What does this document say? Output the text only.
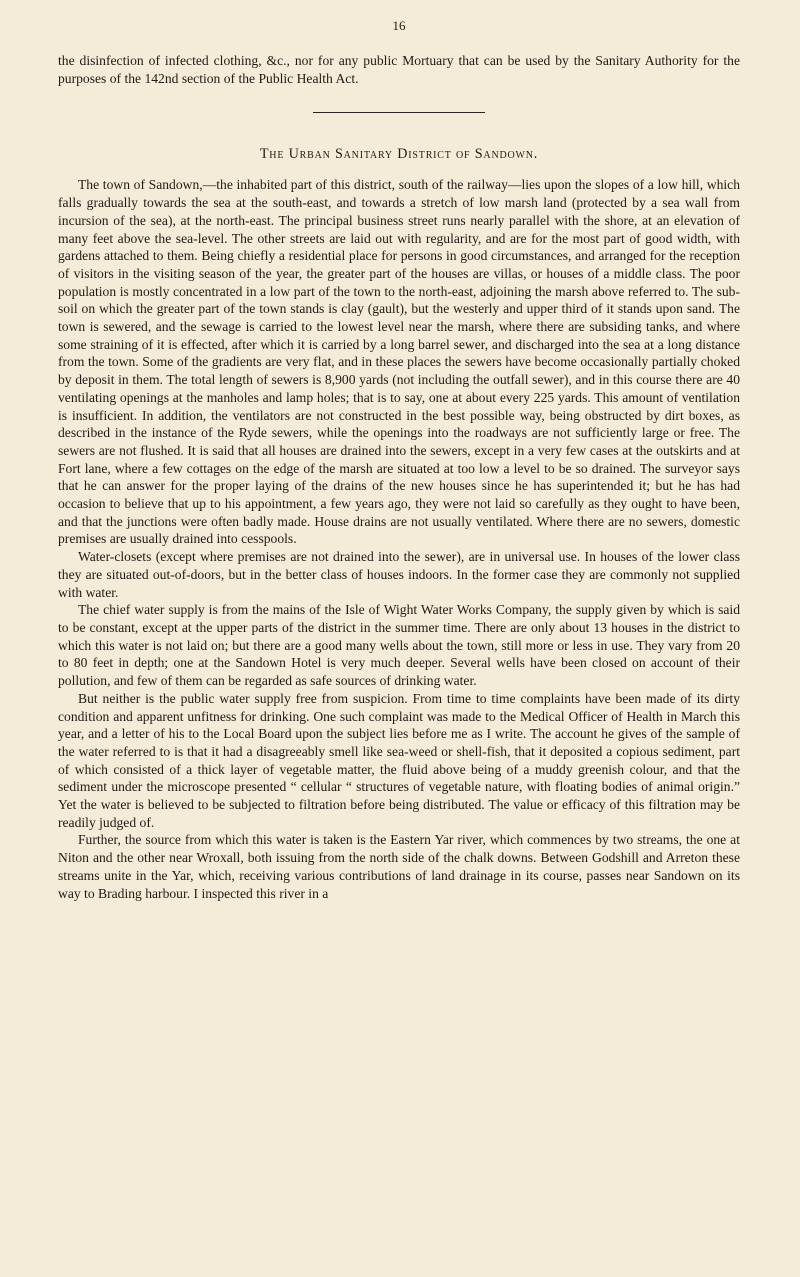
16

the disinfection of infected clothing, &c., nor for any public Mortuary that can be used by the Sanitary Authority for the purposes of the 142nd section of the Public Health Act.

The Urban Sanitary District of Sandown.

The town of Sandown,—the inhabited part of this district, south of the railway—lies upon the slopes of a low hill, which falls gradually towards the sea at the south-east, and towards a stretch of low marsh land (protected by a sea wall from incursion of the sea), at the north-east. The principal business street runs nearly parallel with the shore, at an elevation of many feet above the sea-level. The other streets are laid out with regularity, and are for the most part of good width, with gardens attached to them. Being chiefly a residential place for persons in good circumstances, and arranged for the reception of visitors in the visiting season of the year, the greater part of the houses are villas, or houses of a middle class. The poor population is mostly concentrated in a low part of the town to the north-east, adjoining the marsh above referred to. The sub-soil on which the greater part of the town stands is clay (gault), but the westerly and upper third of it stands upon sand. The town is sewered, and the sewage is carried to the lowest level near the marsh, where there are subsiding tanks, and where some straining of it is effected, after which it is carried by a long barrel sewer, and discharged into the sea at a long distance from the town. Some of the gradients are very flat, and in these places the sewers have become occasionally partially choked by deposit in them. The total length of sewers is 8,900 yards (not including the outfall sewer), and in this course there are 40 ventilating openings at the manholes and lamp holes; that is to say, one at about every 225 yards. This amount of ventilation is insufficient. In addition, the ventilators are not constructed in the best possible way, being obstructed by dirt boxes, as described in the instance of the Ryde sewers, while the openings into the roadways are not sufficiently large or free. The sewers are not flushed. It is said that all houses are drained into the sewers, except in a very few cases at the outskirts and at Fort lane, where a few cottages on the edge of the marsh are situated at too low a level to be so drained. The surveyor says that he can answer for the proper laying of the drains of the new houses since he has superintended it; but he has had occasion to believe that up to his appointment, a few years ago, they were not laid so carefully as they ought to have been, and that the junctions were often badly made. House drains are not usually ventilated. Where there are no sewers, domestic premises are usually drained into cesspools.

Water-closets (except where premises are not drained into the sewer), are in universal use. In houses of the lower class they are situated out-of-doors, but in the better class of houses indoors. In the former case they are commonly not supplied with water.

The chief water supply is from the mains of the Isle of Wight Water Works Company, the supply given by which is said to be constant, except at the upper parts of the district in the summer time. There are only about 13 houses in the district to which this water is not laid on; but there are a good many wells about the town, still more or less in use. They vary from 20 to 80 feet in depth; one at the Sandown Hotel is very much deeper. Several wells have been closed on account of their pollution, and few of them can be regarded as safe sources of drinking water.

But neither is the public water supply free from suspicion. From time to time complaints have been made of its dirty condition and apparent unfitness for drinking. One such complaint was made to the Medical Officer of Health in March this year, and a letter of his to the Local Board upon the subject lies before me as I write. The account he gives of the sample of the water referred to is that it had a disagreeably smell like sea-weed or shell-fish, that it deposited a copious sediment, part of which consisted of a thick layer of vegetable matter, the fluid above being of a muddy greenish colour, and that the sediment under the microscope presented “ cellular “ structures of vegetable nature, with floating bodies of animal origin.” Yet the water is believed to be subjected to filtration before being distributed. The value or efficacy of this filtration may be readily judged of.

Further, the source from which this water is taken is the Eastern Yar river, which commences by two streams, the one at Niton and the other near Wroxall, both issuing from the north side of the chalk downs. Between Godshill and Arreton these streams unite in the Yar, which, receiving various contributions of land drainage in its course, passes near Sandown on its way to Brading harbour. I inspected this river in a
